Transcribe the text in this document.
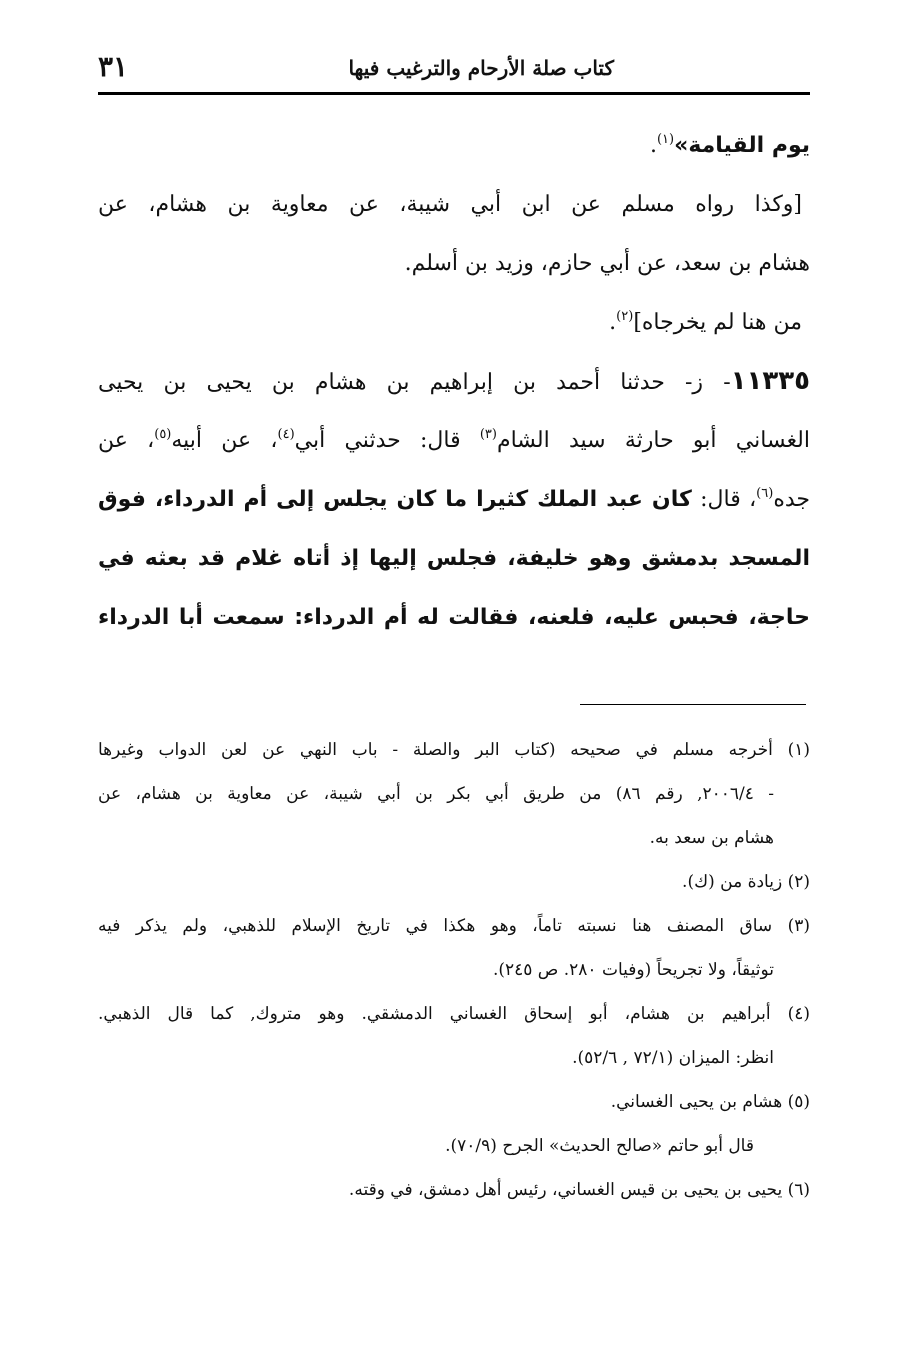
كتاب صلة الأرحام والترغيب فيها
٣١
يوم القيامة»$^{(١)}$.
[وكذا رواه مسلم عن ابن أبي شيبة، عن معاوية بن هشام، عن
هشام بن سعد، عن أبي حازم، وزيد بن أسلم.
من هنا لم يخرجاه]$^{(٢)}$.
١١٣٣٥- ز- حدثنا أحمد بن إبراهيم بن هشام بن يحيى بن يحيى
الغساني أبو حارثة سيد الشام$^{(٣)}$ قال: حدثني أبي$^{(٤)}$، عن أبيه$^{(٥)}$، عن
جده$^{(٦)}$، قال: كان عبد الملك كثيرا ما كان يجلس إلى أم الدرداء، فوق
المسجد بدمشق وهو خليفة، فجلس إليها إذ أتاه غلام قد بعثه في
حاجة، فحبس عليه، فلعنه، فقالت له أم الدرداء: سمعت أبا الدرداء
(١) أخرجه مسلم في صحيحه (كتاب البر والصلة - باب النهي عن لعن الدواب وغيرها
- ٢٠٠٦/٤, رقم ٨٦) من طريق أبي بكر بن أبي شيبة، عن معاوية بن هشام، عن
هشام بن سعد به.
(٢) زيادة من (ك).
(٣) ساق المصنف هنا نسبته تاماً، وهو هكذا في تاريخ الإسلام للذهبي، ولم يذكر فيه
توثيقاً، ولا تجريحاً (وفيات ٢٨٠. ص ٢٤٥).
(٤) أبراهيم بن هشام، أبو إسحاق الغساني الدمشقي. وهو متروك, كما قال الذهبي.
انظر: الميزان (٧٢/١ , ٥٢/٦).
(٥) هشام بن يحيى الغساني.
قال أبو حاتم «صالح الحديث» الجرح (٧٠/٩).
(٦) يحيى بن يحيى بن قيس الغساني، رئيس أهل دمشق، في وقته.
